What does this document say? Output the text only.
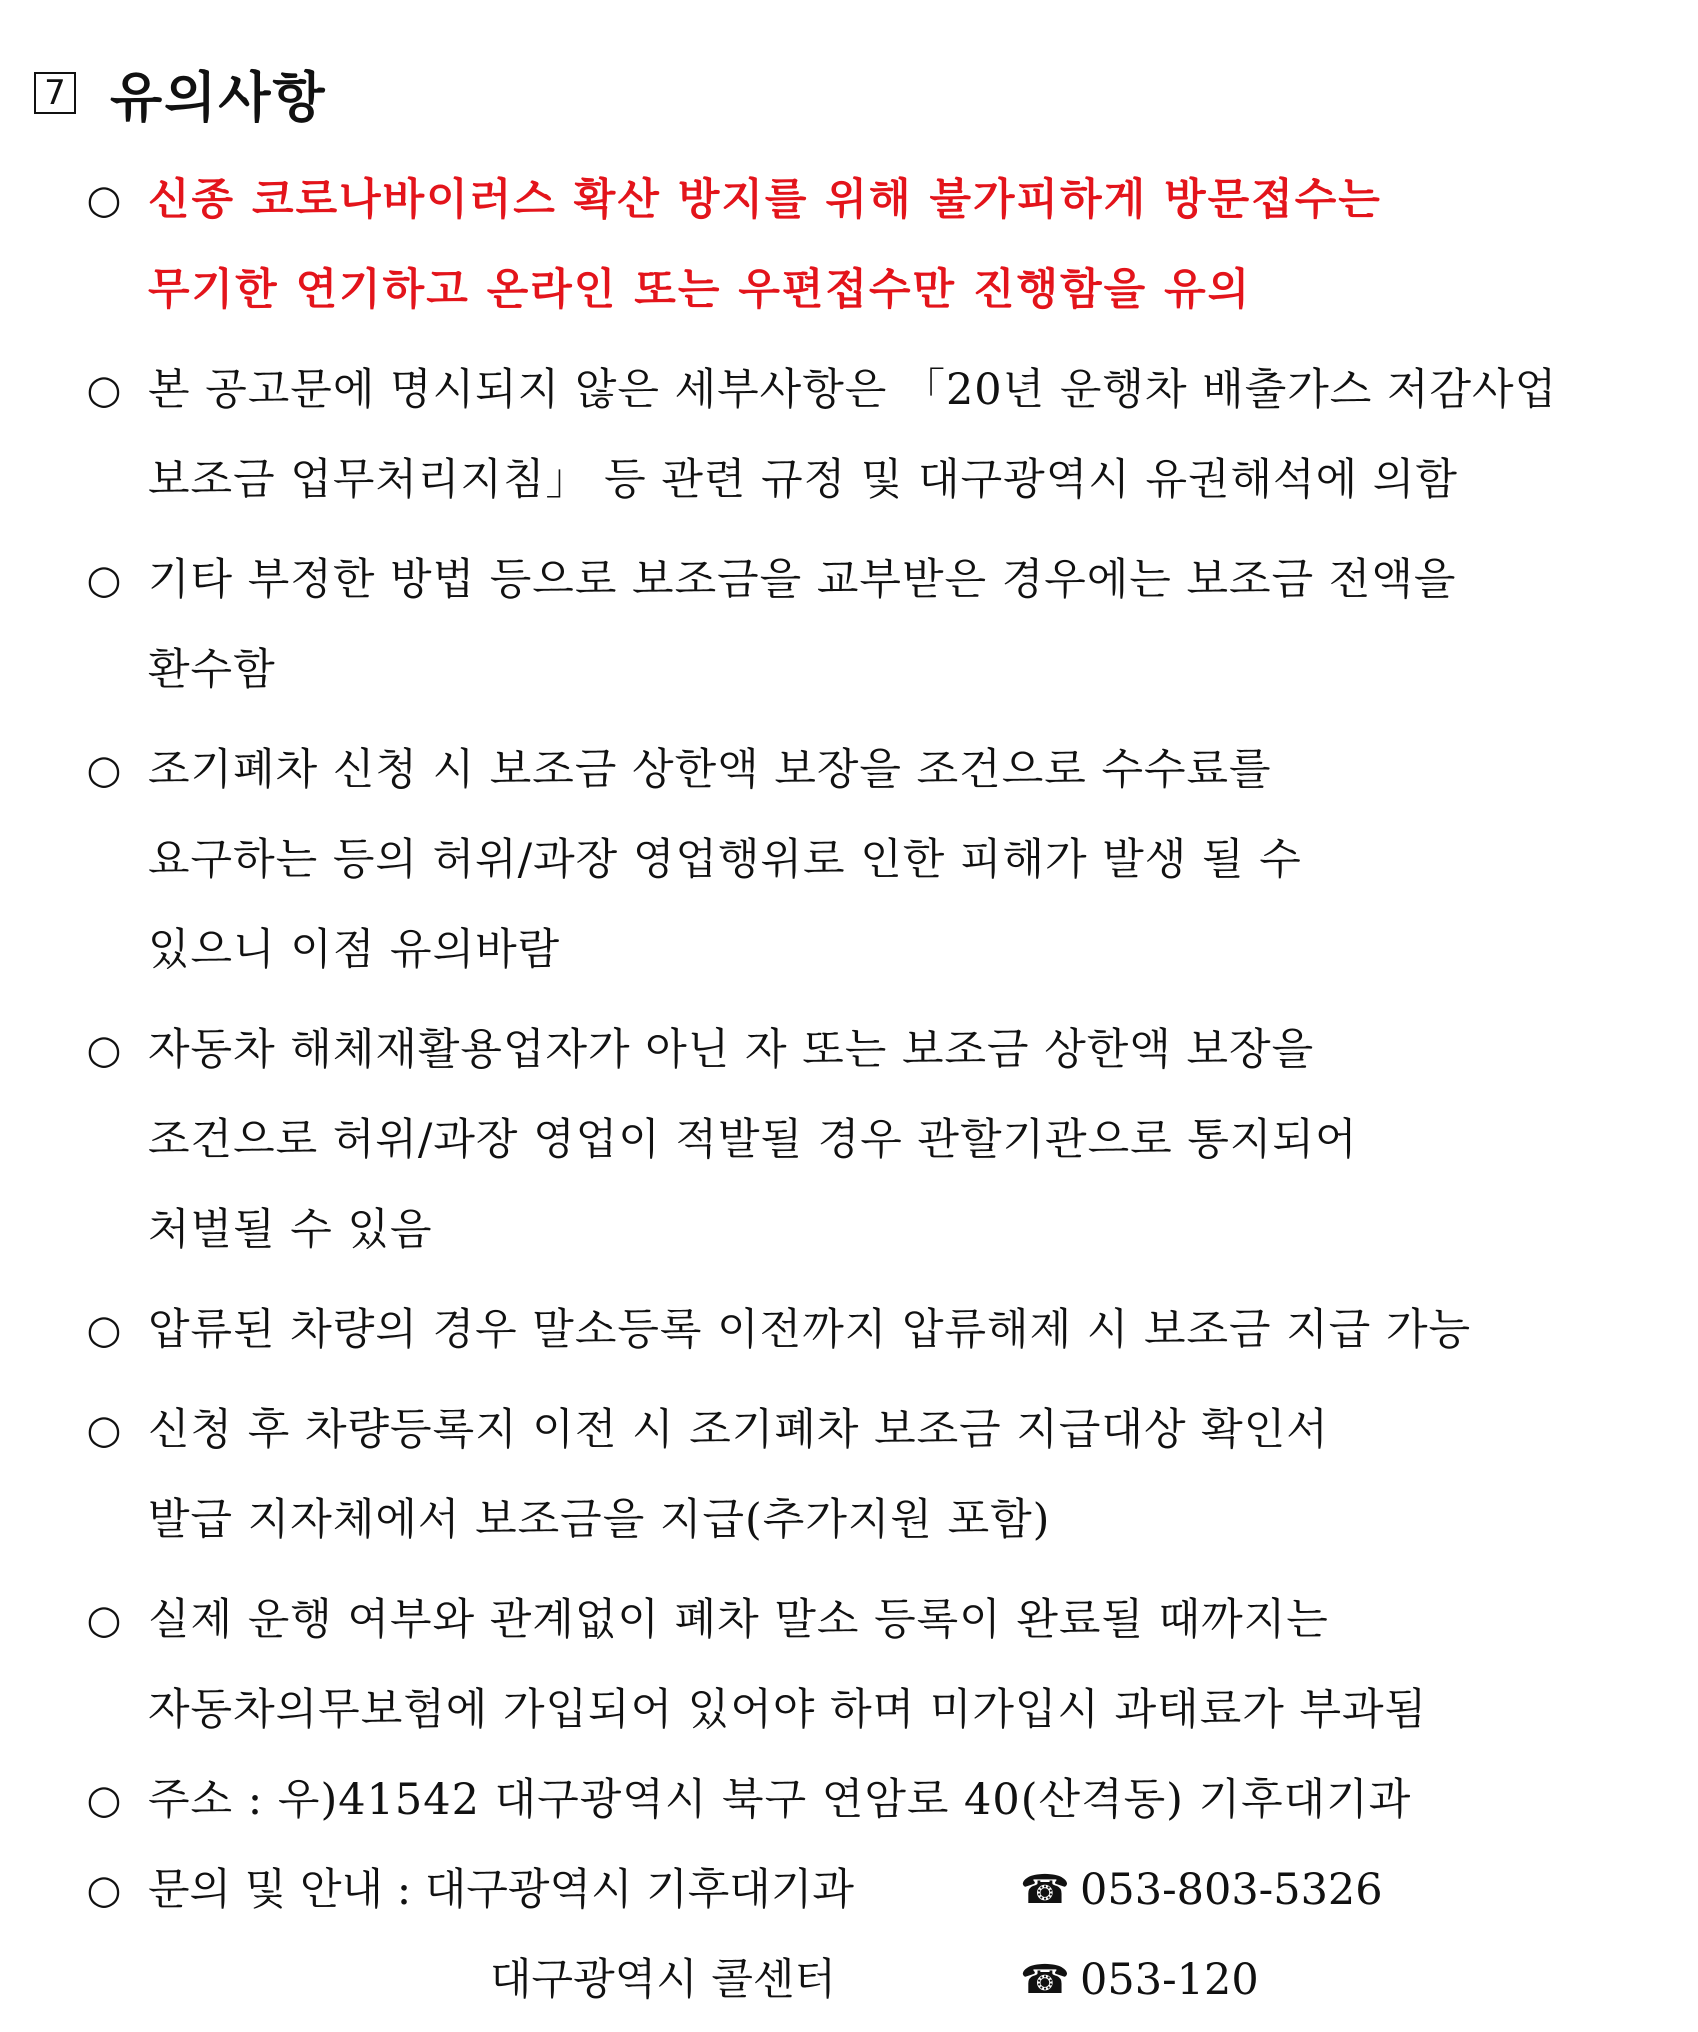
7 유의사항
○ 신종 코로나바이러스 확산 방지를 위해 불가피하게 방문접수는
무기한 연기하고 온라인 또는 우편접수만 진행함을 유의
○ 본 공고문에 명시되지 않은 세부사항은 「20년 운행차 배출가스 저감사업
보조금 업무처리지침」 등 관련 규정 및 대구광역시 유권해석에 의함
○ 기타 부정한 방법 등으로 보조금을 교부받은 경우에는 보조금 전액을
환수함
○ 조기폐차 신청 시 보조금 상한액 보장을 조건으로 수수료를
요구하는 등의 허위/과장 영업행위로 인한 피해가 발생 될 수
있으니 이점 유의바람
○ 자동차 해체재활용업자가 아닌 자 또는 보조금 상한액 보장을
조건으로 허위/과장 영업이 적발될 경우 관할기관으로 통지되어
처벌될 수 있음
○ 압류된 차량의 경우 말소등록 이전까지 압류해제 시 보조금 지급 가능
○ 신청 후 차량등록지 이전 시 조기폐차 보조금 지급대상 확인서
발급 지자체에서 보조금을 지급(추가지원 포함)
○ 실제 운행 여부와 관계없이 폐차 말소 등록이 완료될 때까지는
자동차의무보험에 가입되어 있어야 하며 미가입시 과태료가 부과됨
○ 주소 : 우)41542 대구광역시 북구 연암로 40(산격동) 기후대기과
○ 문의 및 안내 : 대구광역시 기후대기과	☎ 053-803-5326
대구광역시 콜센터	☎ 053-120
